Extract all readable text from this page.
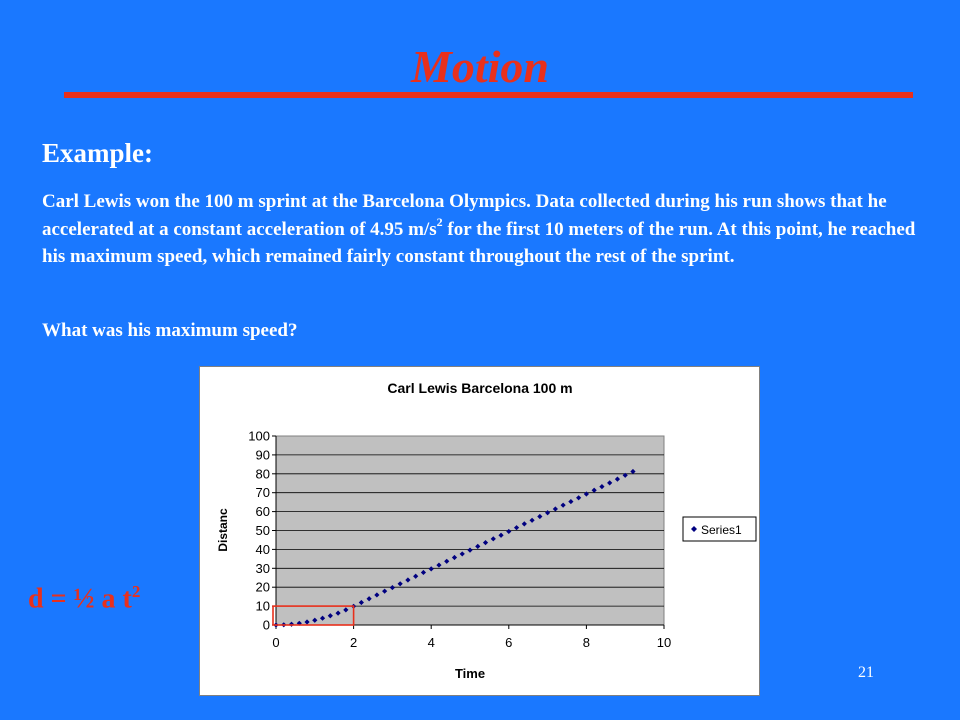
Motion
Example:

Carl Lewis won the 100 m sprint at the Barcelona Olympics. Data collected during his run shows that he accelerated at a constant acceleration of 4.95 $m/s^2$ for the first 10 meters of the run. At this point, he reached his maximum speed, which remained fairly constant throughout the rest of the sprint.

What was his maximum speed?
0
10
20
30
40
50
60
70
80
90
100
0	2	4	6	8	10
Carl Lewis Barcelona 100 m
Time
Distanc	Series1
d = ½ a $t^2$
21
